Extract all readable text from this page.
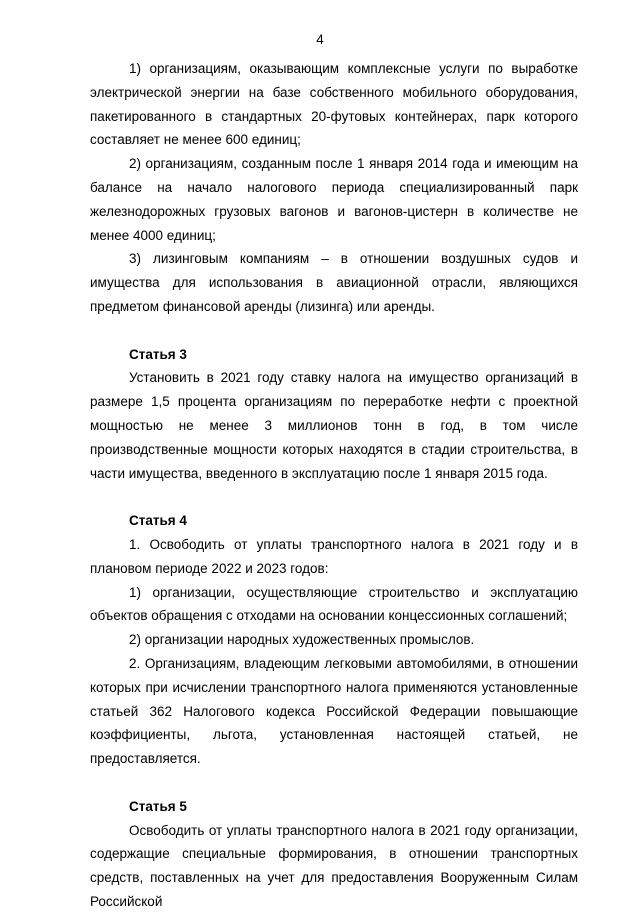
4

1) организациям, оказывающим комплексные услуги по выработке электрической энергии на базе собственного мобильного оборудования, пакетированного в стандартных 20-футовых контейнерах, парк которого составляет не менее 600 единиц;

2) организациям, созданным после 1 января 2014 года и имеющим на балансе на начало налогового периода специализированный парк железнодорожных грузовых вагонов и вагонов-цистерн в количестве не менее 4000 единиц;

3) лизинговым компаниям – в отношении воздушных судов и имущества для использования в авиационной отрасли, являющихся предметом финансовой аренды (лизинга) или аренды.

Статья 3

Установить в 2021 году ставку налога на имущество организаций в размере 1,5 процента организациям по переработке нефти с проектной мощностью не менее 3 миллионов тонн в год, в том числе производственные мощности которых находятся в стадии строительства, в части имущества, введенного в эксплуатацию после 1 января 2015 года.

Статья 4

1. Освободить от уплаты транспортного налога в 2021 году и в плановом периоде 2022 и 2023 годов:

1) организации, осуществляющие строительство и эксплуатацию объектов обращения с отходами на основании концессионных соглашений;

2) организации народных художественных промыслов.

2. Организациям, владеющим легковыми автомобилями, в отношении которых при исчислении транспортного налога применяются установленные статьей 362 Налогового кодекса Российской Федерации повышающие коэффициенты, льгота, установленная настоящей статьей, не предоставляется.

Статья 5

Освободить от уплаты транспортного налога в 2021 году организации, содержащие специальные формирования, в отношении транспортных средств, поставленных на учет для предоставления Вооруженным Силам Российской
